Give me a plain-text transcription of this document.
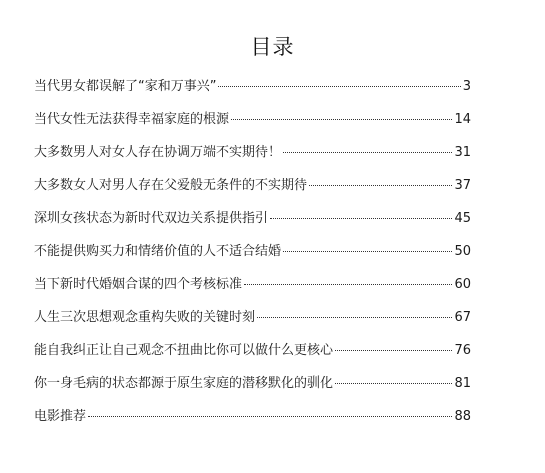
目录
当代男女都误解了“家和万事兴”	3
当代女性无法获得幸福家庭的根源	14
大多数男人对女人存在协调万端不实期待！	31
大多数女人对男人存在父爱般无条件的不实期待	37
深圳女孩状态为新时代双边关系提供指引	45
不能提供购买力和情绪价值的人不适合结婚	50
当下新时代婚姻合谋的四个考核标准	60
人生三次思想观念重构失败的关键时刻	67
能自我纠正让自己观念不扭曲比你可以做什么更核心	76
你一身毛病的状态都源于原生家庭的潜移默化的驯化	81
电影推荐	88
